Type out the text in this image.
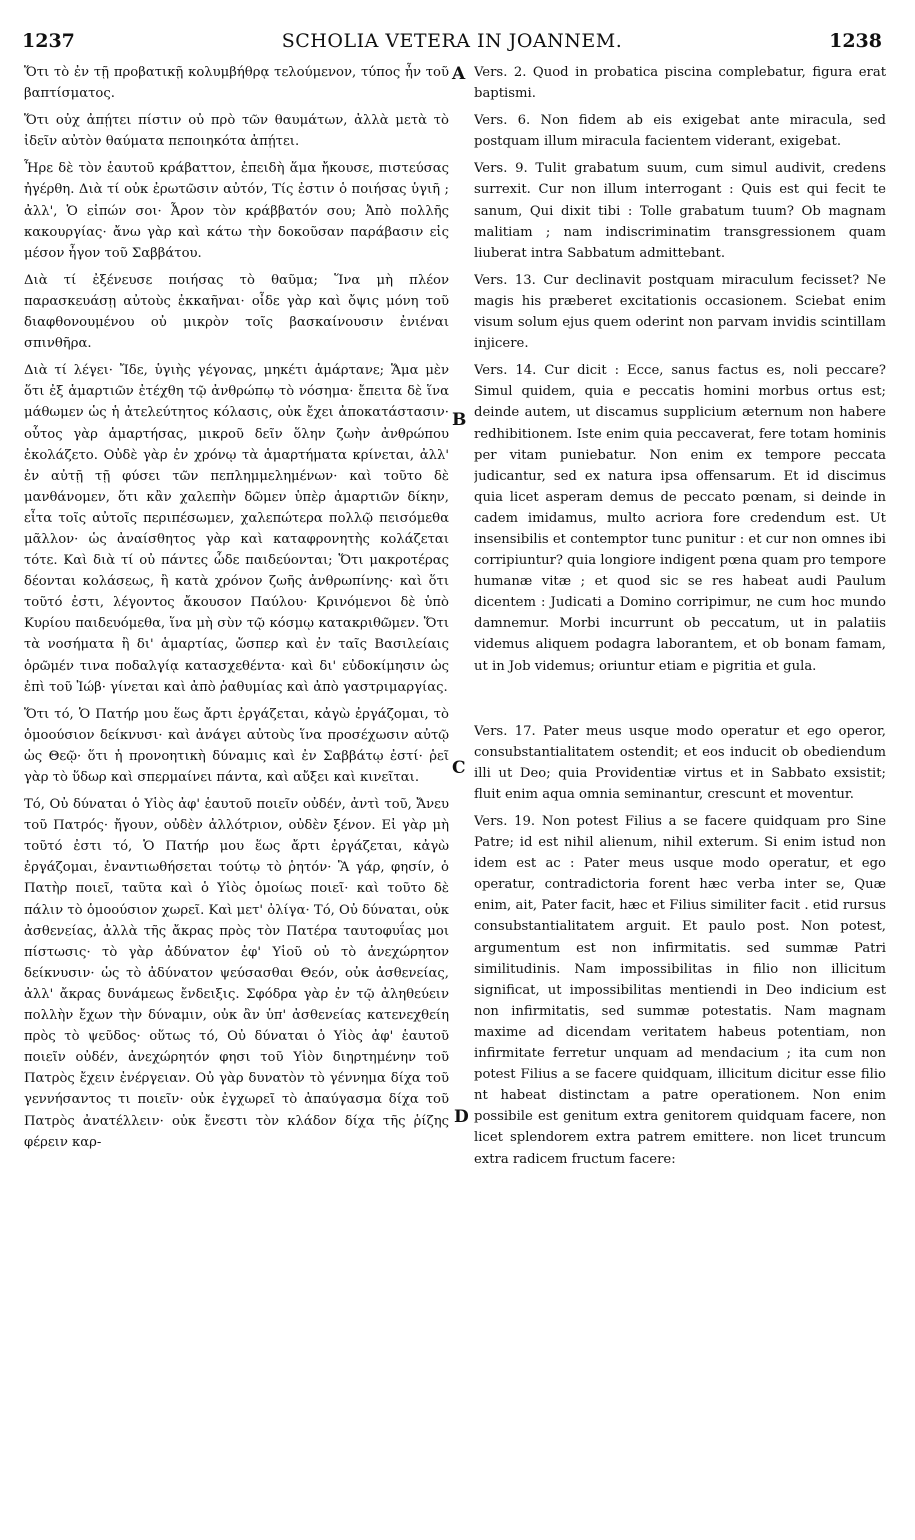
1237	SCHOLIA VETERA IN JOANNEM.	1238

Ὅτι τὸ ἐν τῇ προβατικῇ κολυμβήθρᾳ τελούμενον, τύπος ἦν τοῦ βαπτίσματος.

Ὅτι οὐχ ἀπῄτει πίστιν οὐ πρὸ τῶν θαυμάτων, ἀλλὰ μετὰ τὸ ἰδεῖν αὐτὸν θαύματα πεποιηκότα ἀπῄτει.

Ἦρε δὲ τὸν ἑαυτοῦ κράβαττον, ἐπειδὴ ἅμα ἤκουσε, πιστεύσας ἠγέρθη. Διὰ τί οὐκ ἐρωτῶσιν αὐτόν, Τίς ἐστιν ὁ ποιήσας ὑγιῆ ; ἀλλ', Ὁ εἰπών σοι· Ἆρον τὸν κράββατόν σου; Ἀπὸ πολλῆς κακουργίας· ἄνω γὰρ καὶ κάτω τὴν δοκοῦσαν παράβασιν εἰς μέσον ἦγον τοῦ Σαββάτου.

Διὰ τί ἐξένευσε ποιήσας τὸ θαῦμα; Ἵνα μὴ πλέον παρασκευάσῃ αὐτοὺς ἐκκαῆναι· οἶδε γὰρ καὶ ὄψις μόνη τοῦ διαφθονουμένου οὐ μικρὸν τοῖς βασκαίνουσιν ἐνιέναι σπινθῆρα.

Διὰ τί λέγει· Ἴδε, ὑγιὴς γέγονας, μηκέτι ἁμάρτανε; Ἅμα μὲν ὅτι ἐξ ἁμαρτιῶν ἐτέχθη τῷ ἀνθρώπῳ τὸ νόσημα· ἔπειτα δὲ ἵνα μάθωμεν ὡς ἡ ἀτελεύτητος κόλασις, οὐκ ἔχει ἀποκατάστασιν· οὗτος γὰρ ἁμαρτήσας, μικροῦ δεῖν ὅλην ζωὴν ἀνθρώπου ἐκολάζετο. Οὐδὲ γὰρ ἐν χρόνῳ τὰ ἁμαρτήματα κρίνεται, ἀλλ' ἐν αὐτῇ τῇ φύσει τῶν πεπλημμελημένων· καὶ τοῦτο δὲ μανθάνομεν, ὅτι κἂν χαλεπὴν δῶμεν ὑπὲρ ἁμαρτιῶν δίκην, εἶτα τοῖς αὐτοῖς περιπέσωμεν, χαλεπώτερα πολλῷ πεισόμεθα μᾶλλον· ὡς ἀναίσθητος γὰρ καὶ καταφρονητὴς κολάζεται τότε. Καὶ διὰ τί οὐ πάντες ὧδε παιδεύονται; Ὅτι μακροτέρας δέονται κολάσεως, ἢ κατὰ χρόνον ζωῆς ἀνθρωπίνης· καὶ ὅτι τοῦτό ἐστι, λέγοντος ἄκουσον Παύλου· Κρινόμενοι δὲ ὑπὸ Κυρίου παιδευόμεθα, ἵνα μὴ σὺν τῷ κόσμῳ κατακριθῶμεν. Ὅτι τὰ νοσήματα ἢ δι' ἁμαρτίας, ὥσπερ καὶ ἐν ταῖς Βασιλείαις ὁρῶμέν τινα ποδαλγίᾳ κατασχεθέντα· καὶ δι' εὐδοκίμησιν ὡς ἐπὶ τοῦ Ἰώβ· γίνεται καὶ ἀπὸ ῥαθυμίας καὶ ἀπὸ γαστριμαργίας.

Ὅτι τό, Ὁ Πατήρ μου ἕως ἄρτι ἐργάζεται, κἀγὼ ἐργάζομαι, τὸ ὁμοούσιον δείκνυσι· καὶ ἀνάγει αὐτοὺς ἵνα προσέχωσιν αὐτῷ ὡς Θεῷ· ὅτι ἡ προνοητικὴ δύναμις καὶ ἐν Σαββάτῳ ἐστί· ῥεῖ γὰρ τὸ ὕδωρ καὶ σπερμαίνει πάντα, καὶ αὔξει καὶ κινεῖται.

Τό, Οὐ δύναται ὁ Υἱὸς ἀφ' ἑαυτοῦ ποιεῖν οὐδέν, ἀντὶ τοῦ, Ἄνευ τοῦ Πατρός· ἤγουν, οὐδὲν ἀλλότριον, οὐδὲν ξένον. Εἰ γὰρ μὴ τοῦτό ἐστι τό, Ὁ Πατήρ μου ἕως ἄρτι ἐργάζεται, κἀγὼ ἐργάζομαι, ἐναντιωθήσεται τούτῳ τὸ ῥητόν· Ἃ γάρ, φησίν, ὁ Πατὴρ ποιεῖ, ταῦτα καὶ ὁ Υἱὸς ὁμοίως ποιεῖ· καὶ τοῦτο δὲ πάλιν τὸ ὁμοούσιον χωρεῖ. Καὶ μετ' ὀλίγα· Τό, Οὐ δύναται, οὐκ ἀσθενείας, ἀλλὰ τῆς ἄκρας πρὸς τὸν Πατέρα ταυτοφυΐας μοι πίστωσις· τὸ γὰρ ἀδύνατον ἐφ' Υἱοῦ οὐ τὸ ἀνεχώρητον δείκνυσιν· ὡς τὸ ἀδύνατον ψεύσασθαι Θεόν, οὐκ ἀσθενείας, ἀλλ' ἄκρας δυνάμεως ἔνδειξις. Σφόδρα γὰρ ἐν τῷ ἀληθεύειν πολλὴν ἔχων τὴν δύναμιν, οὐκ ἂν ὑπ' ἀσθενείας κατενεχθείη πρὸς τὸ ψεῦδος· οὕτως τό, Οὐ δύναται ὁ Υἱὸς ἀφ' ἑαυτοῦ ποιεῖν οὐδέν, ἀνεχώρητόν φησι τοῦ Υἱὸν διηρτημένην τοῦ Πατρὸς ἔχειν ἐνέργειαν. Οὐ γὰρ δυνατὸν τὸ γέννημα δίχα τοῦ γεννήσαντος τι ποιεῖν· οὐκ ἐγχωρεῖ τὸ ἀπαύγασμα δίχα τοῦ Πατρὸς ἀνατέλλειν· οὐκ ἔνεστι τὸν κλάδον δίχα τῆς ῥίζης φέρειν καρ-

A
B
C
D

Vers. 2. Quod in probatica piscina complebatur, figura erat baptismi.

Vers. 6. Non fidem ab eis exigebat ante miracula, sed postquam illum miracula facientem viderant, exigebat.

Vers. 9. Tulit grabatum suum, cum simul audivit, credens surrexit. Cur non illum interrogant : Quis est qui fecit te sanum, Qui dixit tibi : Tolle grabatum tuum? Ob magnam malitiam ; nam indiscriminatim transgressionem quam liuberat intra Sabbatum admittebant.

Vers. 13. Cur declinavit postquam miraculum fecisset? Ne magis his præberet excitationis occasionem. Sciebat enim visum solum ejus quem oderint non parvam invidis scintillam injicere.

Vers. 14. Cur dicit : Ecce, sanus factus es, noli peccare? Simul quidem, quia e peccatis homini morbus ortus est; deinde autem, ut discamus supplicium æternum non habere redhibitionem. Iste enim quia peccaverat, fere totam hominis per vitam puniebatur. Non enim ex tempore peccata judicantur, sed ex natura ipsa offensarum. Et id discimus quia licet asperam demus de peccato pœnam, si deinde in cadem imidamus, multo acriora fore credendum est. Ut insensibilis et contemptor tunc punitur : et cur non omnes ibi corripiuntur? quia longiore indigent pœna quam pro tempore humanæ vitæ ; et quod sic se res habeat audi Paulum dicentem : Judicati a Domino corripimur, ne cum hoc mundo damnemur. Morbi incurrunt ob peccatum, ut in palatiis videmus aliquem podagra laborantem, et ob bonam famam, ut in Job videmus; oriuntur etiam e pigritia et gula.

Vers. 17. Pater meus usque modo operatur et ego operor, consubstantialitatem ostendit; et eos inducit ob obediendum illi ut Deo; quia Providentiæ virtus et in Sabbato exsistit; fluit enim aqua omnia seminantur, crescunt et moventur.

Vers. 19. Non potest Filius a se facere quidquam pro Sine Patre; id est nihil alienum, nihil exterum. Si enim istud non idem est ac : Pater meus usque modo operatur, et ego operatur, contradictoria forent hæc verba inter se, Quæ enim, ait, Pater facit, hæc et Filius similiter facit . etid rursus consubstantialitatem arguit. Et paulo post. Non potest, argumentum est non infirmitatis. sed summæ Patri similitudinis. Nam impossibilitas in filio non illicitum significat, ut impossibilitas mentiendi in Deo indicium est non infirmitatis, sed summæ potestatis. Nam magnam maxime ad dicendam veritatem habeus potentiam, non infirmitate ferretur unquam ad mendacium ; ita cum non potest Filius a se facere quidquam, illicitum dicitur esse filio nt habeat distinctam a patre operationem. Non enim possibile est genitum extra genitorem quidquam facere, non licet splendorem extra patrem emittere. non licet truncum extra radicem fructum facere:
